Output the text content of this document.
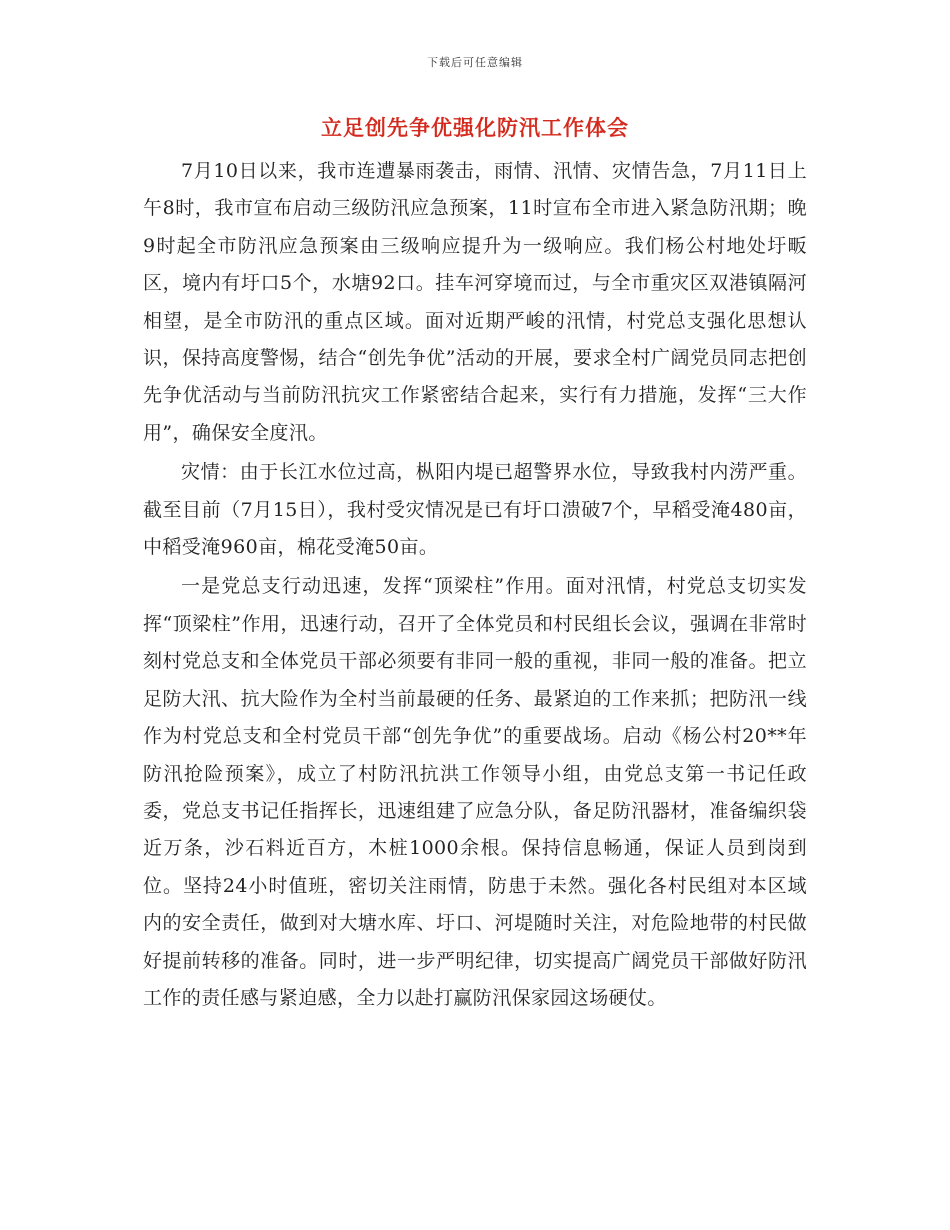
下载后可任意编辑
立足创先争优强化防汛工作体会

7月10日以来，我市连遭暴雨袭击，雨情、汛情、灾情告急，7月11日上午8时，我市宣布启动三级防汛应急预案，11时宣布全市进入紧急防汛期；晚9时起全市防汛应急预案由三级响应提升为一级响应。我们杨公村地处圩畈区，境内有圩口5个，水塘92口。挂车河穿境而过，与全市重灾区双港镇隔河相望，是全市防汛的重点区域。面对近期严峻的汛情，村党总支强化思想认识，保持高度警惕，结合“创先争优”活动的开展，要求全村广阔党员同志把创先争优活动与当前防汛抗灾工作紧密结合起来，实行有力措施，发挥“三大作用”，确保安全度汛。

灾情：由于长江水位过高，枞阳内堤已超警界水位，导致我村内涝严重。截至目前（7月15日），我村受灾情况是已有圩口溃破7个，早稻受淹480亩，中稻受淹960亩，棉花受淹50亩。

一是党总支行动迅速，发挥“顶梁柱”作用。面对汛情，村党总支切实发挥“顶梁柱”作用，迅速行动，召开了全体党员和村民组长会议，强调在非常时刻村党总支和全体党员干部必须要有非同一般的重视，非同一般的准备。把立足防大汛、抗大险作为全村当前最硬的任务、最紧迫的工作来抓；把防汛一线作为村党总支和全村党员干部“创先争优”的重要战场。启动《杨公村20**年防汛抢险预案》，成立了村防汛抗洪工作领导小组，由党总支第一书记任政委，党总支书记任指挥长，迅速组建了应急分队，备足防汛器材，准备编织袋近万条，沙石料近百方，木桩1000余根。保持信息畅通，保证人员到岗到位。坚持24小时值班，密切关注雨情，防患于未然。强化各村民组对本区域内的安全责任，做到对大塘水库、圩口、河堤随时关注，对危险地带的村民做好提前转移的准备。同时，进一步严明纪律，切实提高广阔党员干部做好防汛工作的责任感与紧迫感，全力以赴打赢防汛保家园这场硬仗。
